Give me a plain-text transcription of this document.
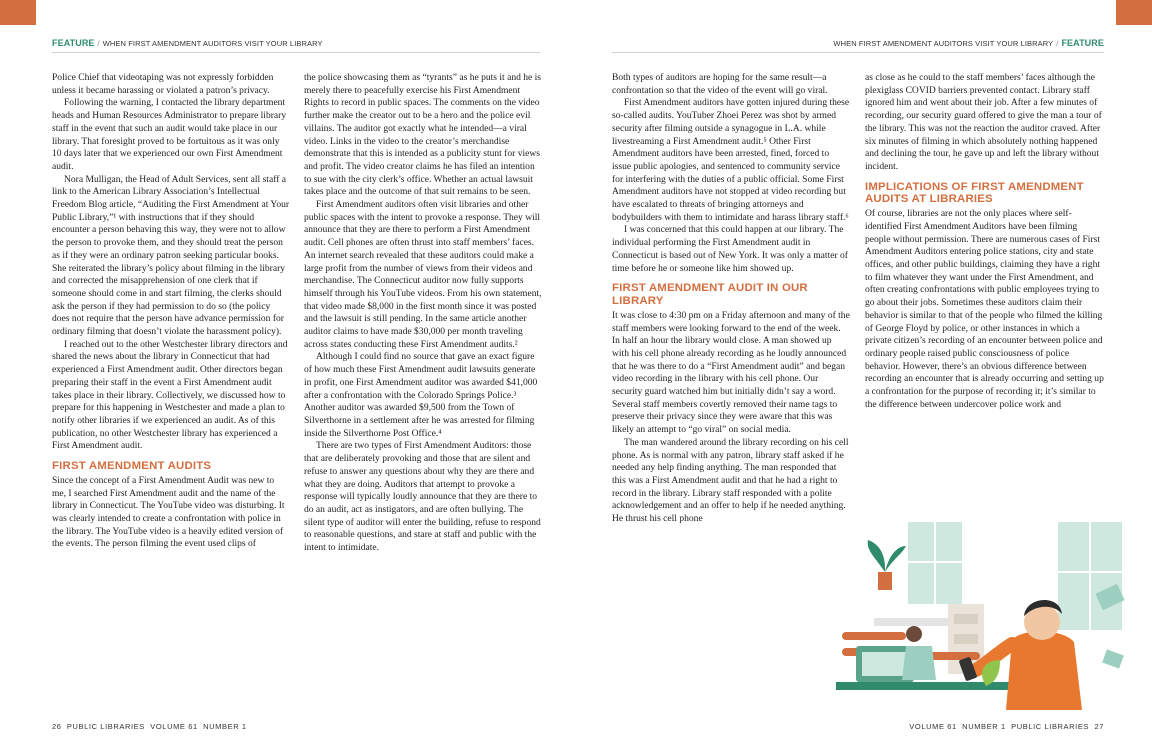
FEATURE / WHEN FIRST AMENDMENT AUDITORS VISIT YOUR LIBRARY

Police Chief that videotaping was not expressly forbidden unless it became harassing or violated a patron’s privacy.

Following the warning, I contacted the library department heads and Human Resources Administrator to prepare library staff in the event that such an audit would take place in our library. That foresight proved to be fortuitous as it was only 10 days later that we experienced our own First Amendment audit.

Nora Mulligan, the Head of Adult Services, sent all staff a link to the American Library Association’s Intellectual Freedom Blog article, “Auditing the First Amendment at Your Public Library,”¹ with instructions that if they should encounter a person behaving this way, they were not to allow the person to provoke them, and they should treat the person as if they were an ordinary patron seeking particular books. She reiterated the library’s policy about filming in the library and corrected the misapprehension of one clerk that if someone should come in and start filming, the clerks should ask the person if they had permission to do so (the policy does not require that the person have advance permission for ordinary filming that doesn’t violate the harassment policy).

I reached out to the other Westchester library directors and shared the news about the library in Connecticut that had experienced a First Amendment audit. Other directors began preparing their staff in the event a First Amendment audit takes place in their library. Collectively, we discussed how to prepare for this happening in Westchester and made a plan to notify other libraries if we experienced an audit. As of this publication, no other Westchester library has experienced a First Amendment audit.

FIRST AMENDMENT AUDITS

Since the concept of a First Amendment Audit was new to me, I searched First Amendment audit and the name of the library in Connecticut. The YouTube video was disturbing. It was clearly intended to create a confrontation with police in the library. The YouTube video is a heavily edited version of the events. The person filming the event used clips of

the police showcasing them as “tyrants” as he puts it and he is merely there to peacefully exercise his First Amendment Rights to record in public spaces. The comments on the video further make the creator out to be a hero and the police evil villains. The auditor got exactly what he intended—a viral video. Links in the video to the creator’s merchandise demonstrate that this is intended as a publicity stunt for views and profit. The video creator claims he has filed an intention to sue with the city clerk’s office. Whether an actual lawsuit takes place and the outcome of that suit remains to be seen.

First Amendment auditors often visit libraries and other public spaces with the intent to provoke a response. They will announce that they are there to perform a First Amendment audit. Cell phones are often thrust into staff members’ faces. An internet search revealed that these auditors could make a large profit from the number of views from their videos and merchandise. The Connecticut auditor now fully supports himself through his YouTube videos. From his own statement, that video made $8,000 in the first month since it was posted and the lawsuit is still pending. In the same article another auditor claims to have made $30,000 per month traveling across states conducting these First Amendment audits.²

Although I could find no source that gave an exact figure of how much these First Amendment audit lawsuits generate in profit, one First Amendment auditor was awarded $41,000 after a confrontation with the Colorado Springs Police.³ Another auditor was awarded $9,500 from the Town of Silverthorne in a settlement after he was arrested for filming inside the Silverthorne Post Office.⁴

There are two types of First Amendment Auditors: those that are deliberately provoking and those that are silent and refuse to answer any questions about why they are there and what they are doing. Auditors that attempt to provoke a response will typically loudly announce that they are there to do an audit, act as instigators, and are often bullying. The silent type of auditor will enter the building, refuse to respond to reasonable questions, and stare at staff and public with the intent to intimidate.

26 PUBLIC LIBRARIES VOLUME 61 NUMBER 1
WHEN FIRST AMENDMENT AUDITORS VISIT YOUR LIBRARY / FEATURE

Both types of auditors are hoping for the same result—a confrontation so that the video of the event will go viral.

First Amendment auditors have gotten injured during these so-called audits. YouTuber Zhoei Perez was shot by armed security after filming outside a synagogue in L.A. while livestreaming a First Amendment audit.⁵ Other First Amendment auditors have been arrested, fined, forced to issue public apologies, and sentenced to community service for interfering with the duties of a public official. Some First Amendment auditors have not stopped at video recording but have escalated to threats of bringing attorneys and bodybuilders with them to intimidate and harass library staff.⁶

I was concerned that this could happen at our library. The individual performing the First Amendment audit in Connecticut is based out of New York. It was only a matter of time before he or someone like him showed up.

FIRST AMENDMENT AUDIT IN OUR LIBRARY

It was close to 4:30 pm on a Friday afternoon and many of the staff members were looking forward to the end of the week. In half an hour the library would close. A man showed up with his cell phone already recording as he loudly announced that he was there to do a “First Amendment audit” and began video recording in the library with his cell phone. Our security guard watched him but initially didn’t say a word. Several staff members covertly removed their name tags to preserve their privacy since they were aware that this was likely an attempt to “go viral” on social media.

The man wandered around the library recording on his cell phone. As is normal with any patron, library staff asked if he needed any help finding anything. The man responded that this was a First Amendment audit and that he had a right to record in the library. Library staff responded with a polite acknowledgement and an offer to help if he needed anything. He thrust his cell phone

as close as he could to the staff members’ faces although the plexiglass COVID barriers prevented contact. Library staff ignored him and went about their job. After a few minutes of recording, our security guard offered to give the man a tour of the library. This was not the reaction the auditor craved. After six minutes of filming in which absolutely nothing happened and declining the tour, he gave up and left the library without incident.

IMPLICATIONS OF FIRST AMENDMENT AUDITS AT LIBRARIES

Of course, libraries are not the only places where self-identified First Amendment Auditors have been filming people without permission. There are numerous cases of First Amendment Auditors entering police stations, city and state offices, and other public buildings, claiming they have a right to film whatever they want under the First Amendment, and often creating confrontations with public employees trying to go about their jobs. Sometimes these auditors claim their behavior is similar to that of the people who filmed the killing of George Floyd by police, or other instances in which a private citizen’s recording of an encounter between police and ordinary people raised public consciousness of police behavior. However, there’s an obvious difference between recording an encounter that is already occurring and setting up a confrontation for the purpose of recording it; it’s similar to the difference between undercover police work and

VOLUME 61 NUMBER 1 PUBLIC LIBRARIES 27
